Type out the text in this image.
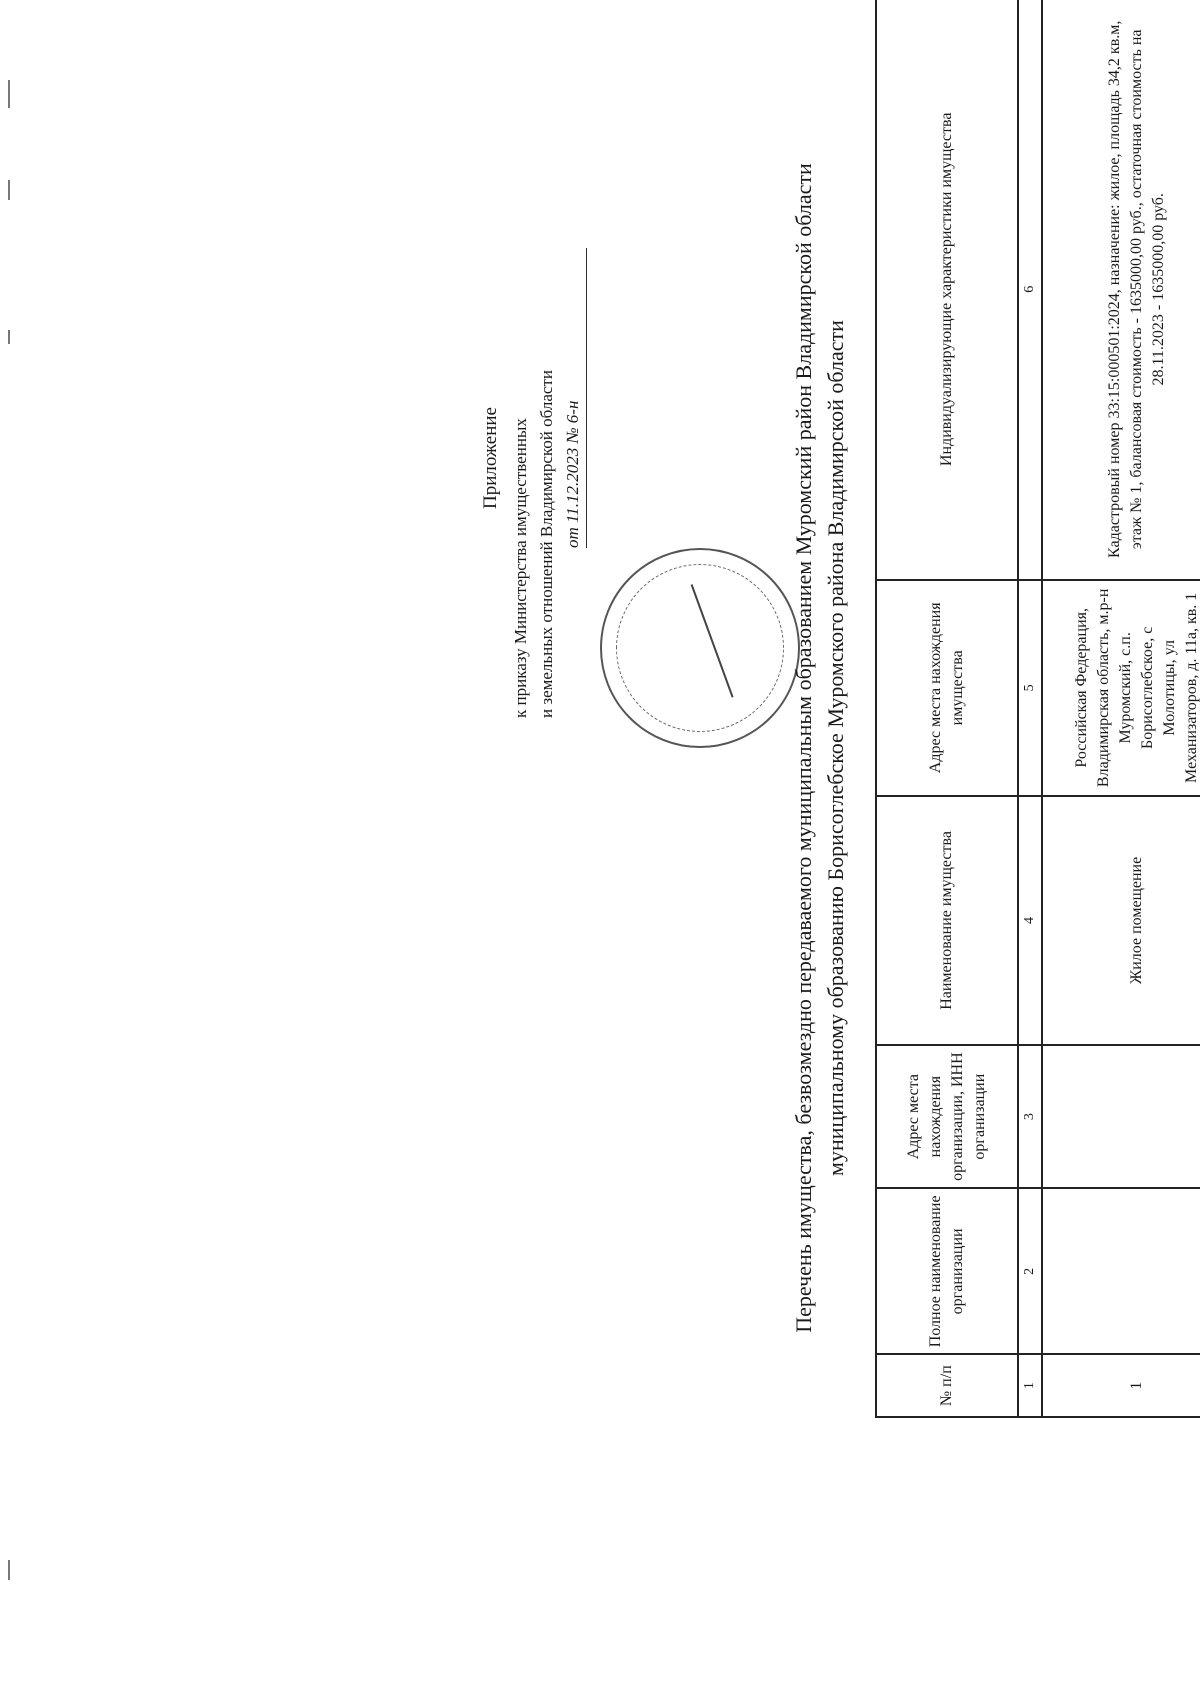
Приложение к приказу Министерства имущественных и земельных отношений Владимирской области от 11.12.2023 № 6-н	Перечень имущества, безвозмездно передаваемого муниципальным образованием Муромский район Владимирской области муниципальному образованию Борисоглебское Муромского района Владимирской области
№ п/п	Полное наименование организации	Адрес места нахождения организации, ИНН организации	Наименование имущества	Адрес места нахождения имущества	Индивидуализирующие характеристики имущества
1	2	3	4	5	6
1			Жилое помещение	Российская Федерация, Владимирская область, м.р-н Муромский, с.п. Борисоглебское, с Молотицы, ул Механизаторов, д. 11а, кв. 1	Кадастровый номер 33:15:000501:2024, назначение: жилое, площадь 34,2 кв.м, этаж № 1, балансовая стоимость - 1635000,00 руб., остаточная стоимость на 28.11.2023 - 1635000,00 руб.
